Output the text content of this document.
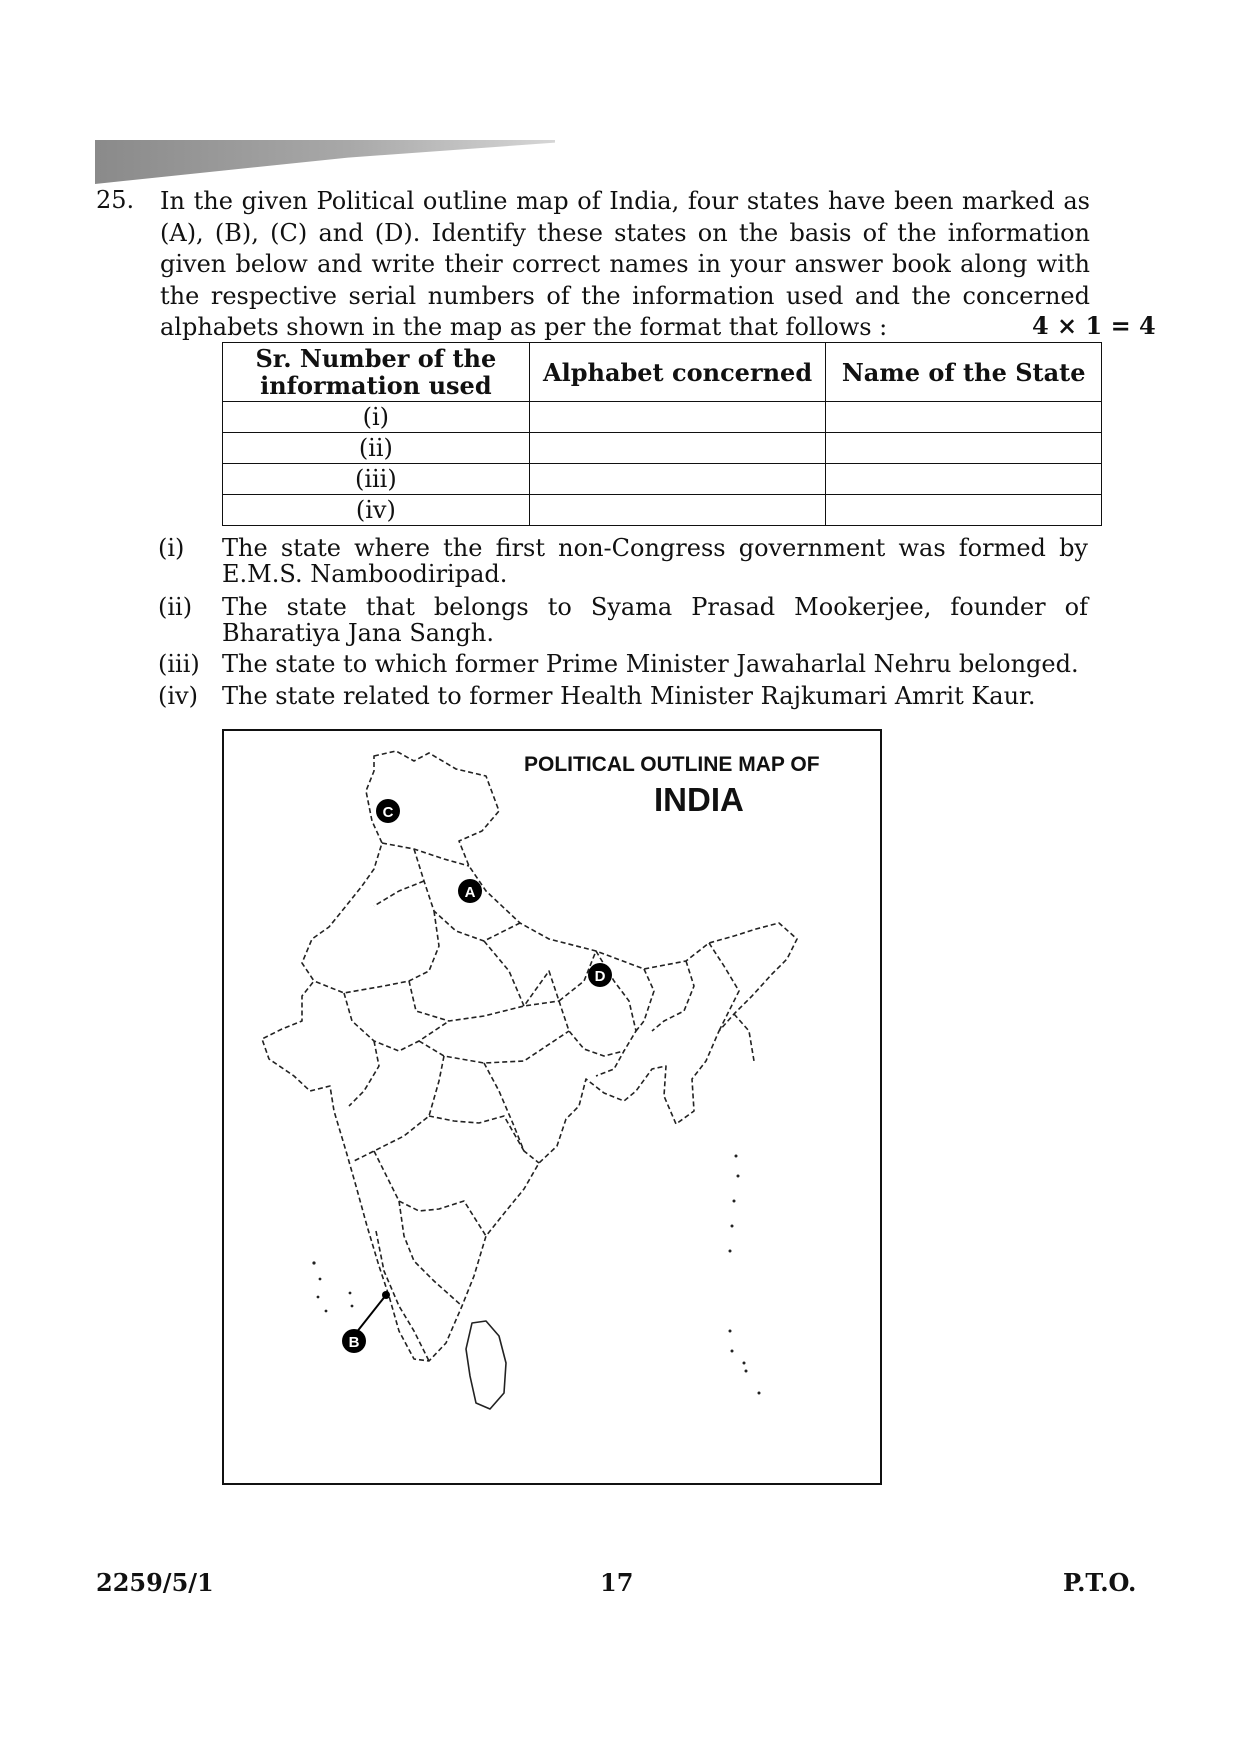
25. In the given Political outline map of India, four states have been marked as (A), (B), (C) and (D). Identify these states on the basis of the information given below and write their correct names in your answer book along with the respective serial numbers of the information used and the concerned alphabets shown in the map as per the format that follows :	4 × 1 = 4
Sr. Number of the information used	Alphabet concerned	Name of the State
(i)		
(ii)		
(iii)		
(iv)		
(i) The state where the first non-Congress government was formed by E.M.S. Namboodiripad.
(ii) The state that belongs to Syama Prasad Mookerjee, founder of Bharatiya Jana Sangh.
(iii) The state to which former Prime Minister Jawaharlal Nehru belonged.
(iv) The state related to former Health Minister Rajkumari Amrit Kaur.
POLITICAL OUTLINE MAP OF
INDIA
A
C
D
B
2259/5/1	17	P.T.O.
